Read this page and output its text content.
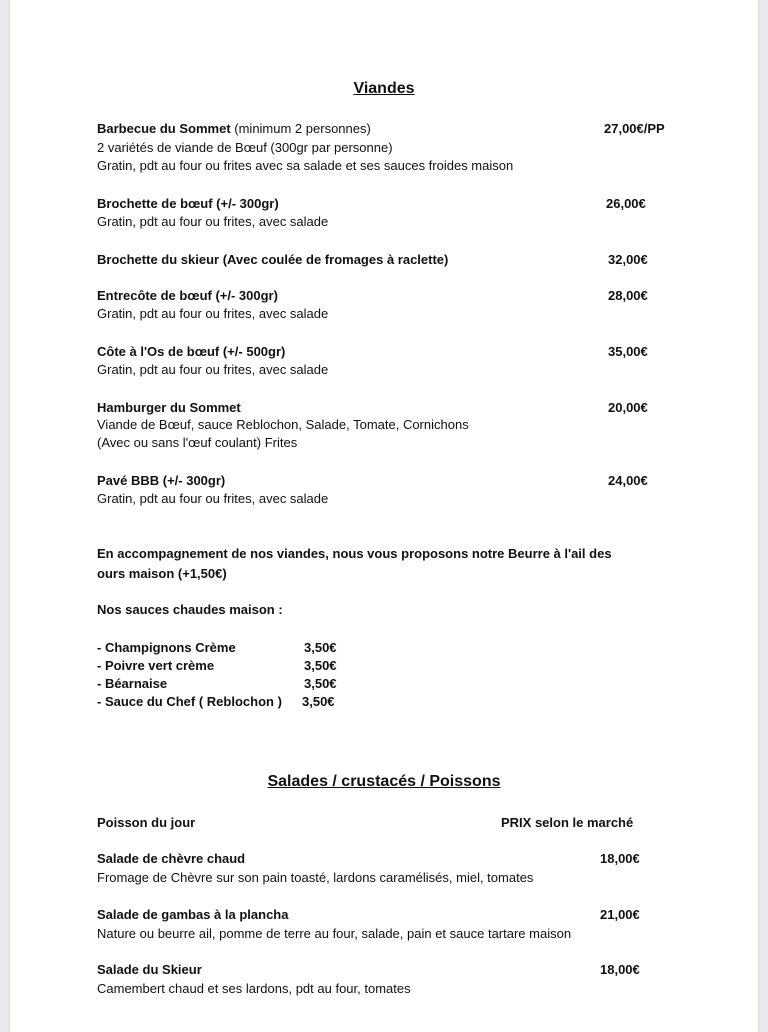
Viandes
Barbecue du Sommet (minimum 2 personnes)	27,00€/PP
2 variétés de viande de Bœuf (300gr par personne)
Gratin, pdt au four ou frites avec sa salade et ses sauces froides maison
Brochette de bœuf (+/- 300gr)	26,00€
Gratin, pdt au four ou frites, avec salade
Brochette du skieur (Avec coulée de fromages à raclette)	32,00€
Entrecôte de bœuf (+/- 300gr)	28,00€
Gratin, pdt au four ou frites, avec salade
Côte à l'Os de bœuf (+/- 500gr)	35,00€
Gratin, pdt au four ou frites, avec salade
Hamburger du Sommet	20,00€
Viande de Bœuf, sauce Reblochon, Salade, Tomate, Cornichons
(Avec ou sans l'œuf coulant) Frites
Pavé BBB (+/- 300gr)	24,00€
Gratin, pdt au four ou frites, avec salade
En accompagnement de nos viandes, nous vous proposons notre Beurre à l'ail des
ours maison (+1,50€)
Nos sauces chaudes maison :
- Champignons Crème	3,50€
- Poivre vert crème	3,50€
- Béarnaise	3,50€
- Sauce du Chef ( Reblochon ) 3,50€
Salades / crustacés / Poissons
Poisson du jour	PRIX selon le marché
Salade de chèvre chaud	18,00€
Fromage de Chèvre sur son pain toasté, lardons caramélisés, miel, tomates
Salade de gambas à la plancha	21,00€
Nature ou beurre ail, pomme de terre au four, salade, pain et sauce tartare maison
Salade du Skieur	18,00€
Camembert chaud et ses lardons, pdt au four, tomates
